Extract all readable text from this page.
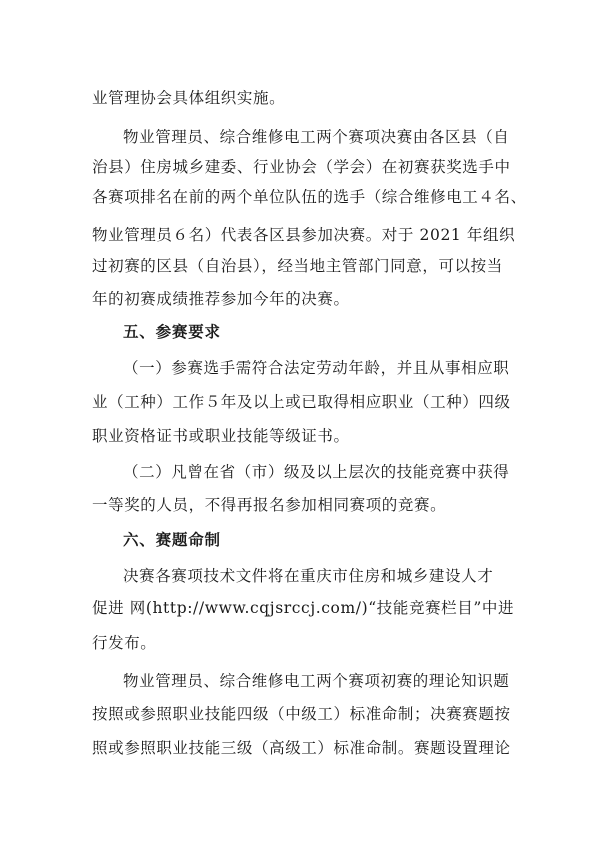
业管理协会具体组织实施。
物业管理员、综合维修电工两个赛项决赛由各区县（自
治县）住房城乡建委、行业协会（学会）在初赛获奖选手中
各赛项排名在前的两个单位队伍的选手（综合维修电工４名、
物业管理员６名）代表各区县参加决赛。对于 2021 年组织
过初赛的区县（自治县），经当地主管部门同意，可以按当
年的初赛成绩推荐参加今年的决赛。
五、参赛要求
（一）参赛选手需符合法定劳动年龄，并且从事相应职
业（工种）工作５年及以上或已取得相应职业（工种）四级
职业资格证书或职业技能等级证书。
（二）凡曾在省（市）级及以上层次的技能竞赛中获得
一等奖的人员，不得再报名参加相同赛项的竞赛。
六、赛题命制
决赛各赛项技术文件将在重庆市住房和城乡建设人才
促进 网(http://www.cqjsrccj.com/)“技能竞赛栏目”中进
行发布。
物业管理员、综合维修电工两个赛项初赛的理论知识题
按照或参照职业技能四级（中级工）标准命制；决赛赛题按
照或参照职业技能三级（高级工）标准命制。赛题设置理论
